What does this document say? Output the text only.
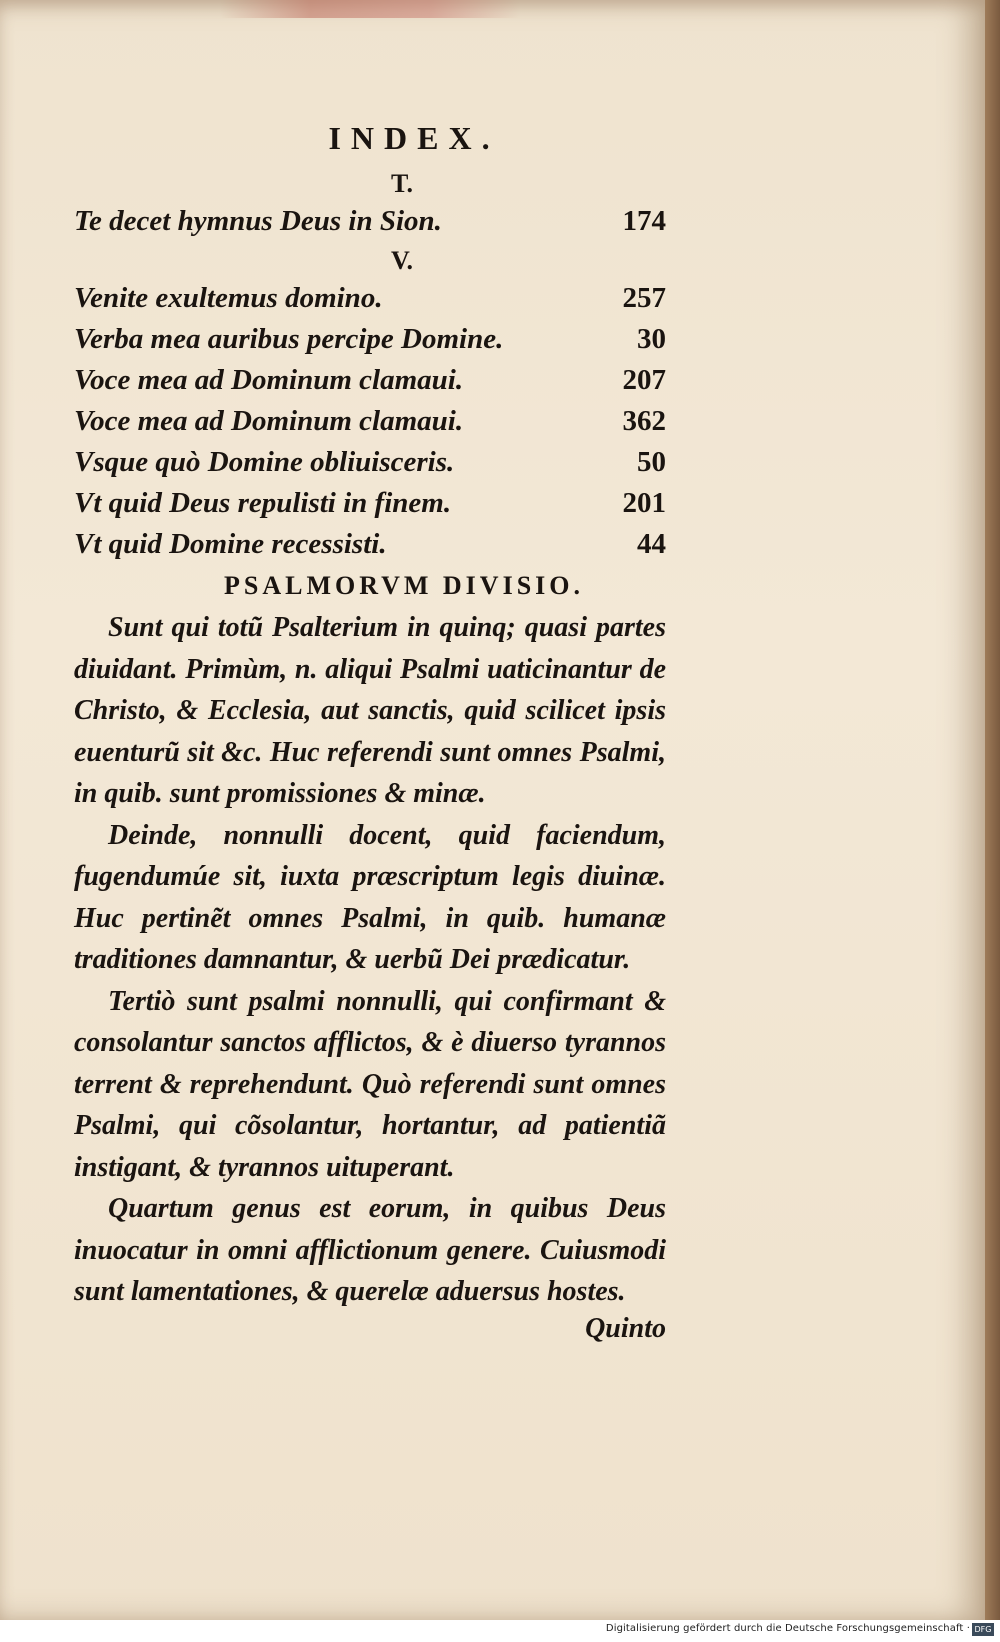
INDEX.
T.
Te decet hymnus Deus in Sion.	174
V.
Venite exultemus domino.	257
Verba mea auribus percipe Domine.	30
Voce mea ad Dominum clamaui.	207
Voce mea ad Dominum clamaui.	362
Vsque quò Domine obliuisceris.	50
Vt quid Deus repulisti in finem.	201
Vt quid Domine recessisti.	44
PSALMORVM DIVISIO.

Sunt qui totũ Psalterium in quinq; quasi partes diuidant. Primùm, n. aliqui Psalmi uaticinantur de Christo, & Ecclesia, aut sanctis, quid scilicet ipsis euenturũ sit &c. Huc referendi sunt omnes Psalmi, in quib. sunt promissiones & minæ.

Deinde, nonnulli docent, quid faciendum, fugendumúe sit, iuxta præscriptum legis diuinæ. Huc pertinẽt omnes Psalmi, in quib. humanæ traditiones damnantur, & uerbũ Dei prædicatur.

Tertiò sunt psalmi nonnulli, qui confirmant & consolantur sanctos afflictos, & è diuerso tyrannos terrent & reprehendunt. Quò referendi sunt omnes Psalmi, qui cõsolantur, hortantur, ad patientiã instigant, & tyrannos uituperant.

Quartum genus est eorum, in quibus Deus inuocatur in omni afflictionum genere. Cuiusmodi sunt lamentationes, & querelæ aduersus hostes.

Quinto
Digitalisierung gefördert durch die Deutsche Forschungsgemeinschaft · DFG
